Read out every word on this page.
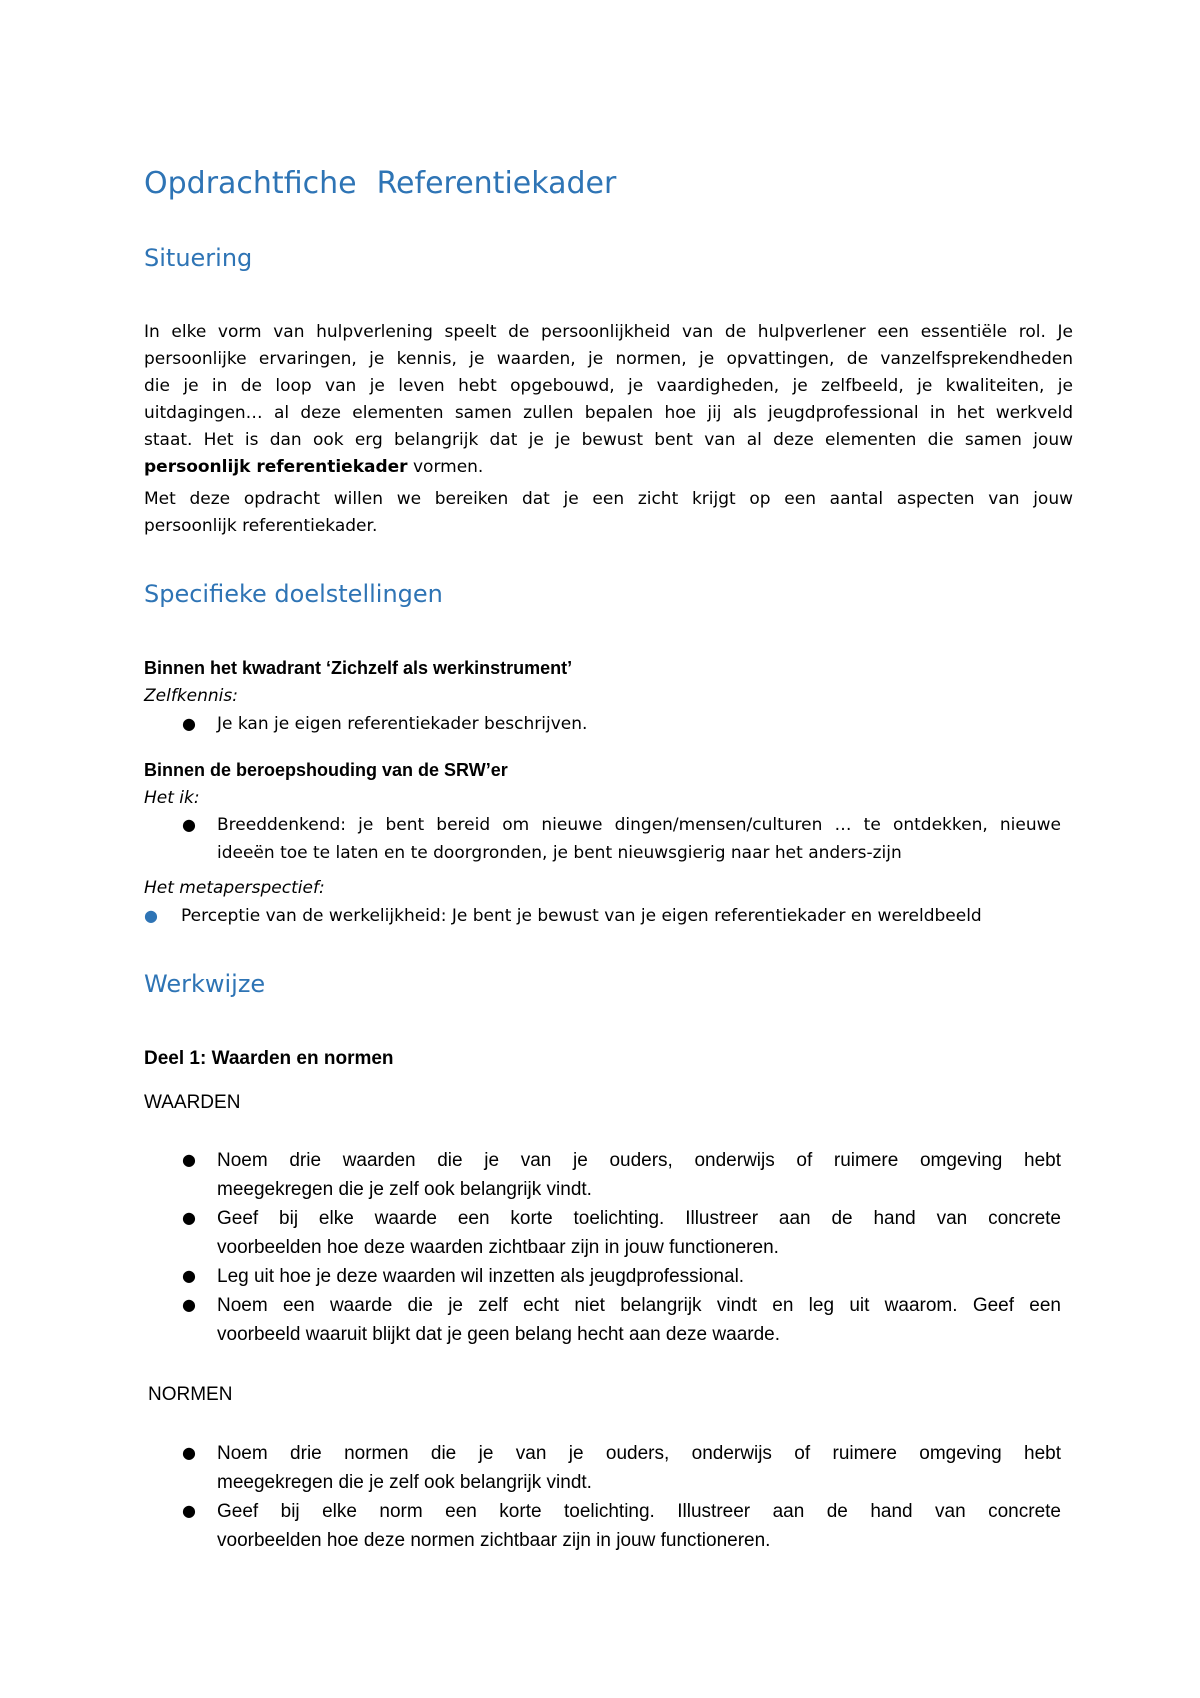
Opdrachtfiche Referentiekader
Situering
In elke vorm van hulpverlening speelt de persoonlijkheid van de hulpverlener een essentiële rol. Je
persoonlijke ervaringen, je kennis, je waarden, je normen, je opvattingen, de vanzelfsprekendheden
die je in de loop van je leven hebt opgebouwd, je vaardigheden, je zelfbeeld, je kwaliteiten, je
uitdagingen… al deze elementen samen zullen bepalen hoe jij als jeugdprofessional in het werkveld
staat. Het is dan ook erg belangrijk dat je je bewust bent van al deze elementen die samen jouw
persoonlijk referentiekader vormen.
Met deze opdracht willen we bereiken dat je een zicht krijgt op een aantal aspecten van jouw
persoonlijk referentiekader.
Specifieke doelstellingen
Binnen het kwadrant ‘Zichzelf als werkinstrument’
Zelfkennis:
● Je kan je eigen referentiekader beschrijven.
Binnen de beroepshouding van de SRW’er
Het ik:
● Breeddenkend: je bent bereid om nieuwe dingen/mensen/culturen … te ontdekken, nieuwe
ideeën toe te laten en te doorgronden, je bent nieuwsgierig naar het anders-zijn
Het metaperspectief:
● Perceptie van de werkelijkheid: Je bent je bewust van je eigen referentiekader en wereldbeeld
Werkwijze
Deel 1: Waarden en normen
WAARDEN
● Noem drie waarden die je van je ouders, onderwijs of ruimere omgeving hebt
meegekregen die je zelf ook belangrijk vindt.
● Geef bij elke waarde een korte toelichting. Illustreer aan de hand van concrete
voorbeelden hoe deze waarden zichtbaar zijn in jouw functioneren.
● Leg uit hoe je deze waarden wil inzetten als jeugdprofessional.
● Noem een waarde die je zelf echt niet belangrijk vindt en leg uit waarom. Geef een
voorbeeld waaruit blijkt dat je geen belang hecht aan deze waarde.
NORMEN
● Noem drie normen die je van je ouders, onderwijs of ruimere omgeving hebt
meegekregen die je zelf ook belangrijk vindt.
● Geef bij elke norm een korte toelichting. Illustreer aan de hand van concrete
voorbeelden hoe deze normen zichtbaar zijn in jouw functioneren.
